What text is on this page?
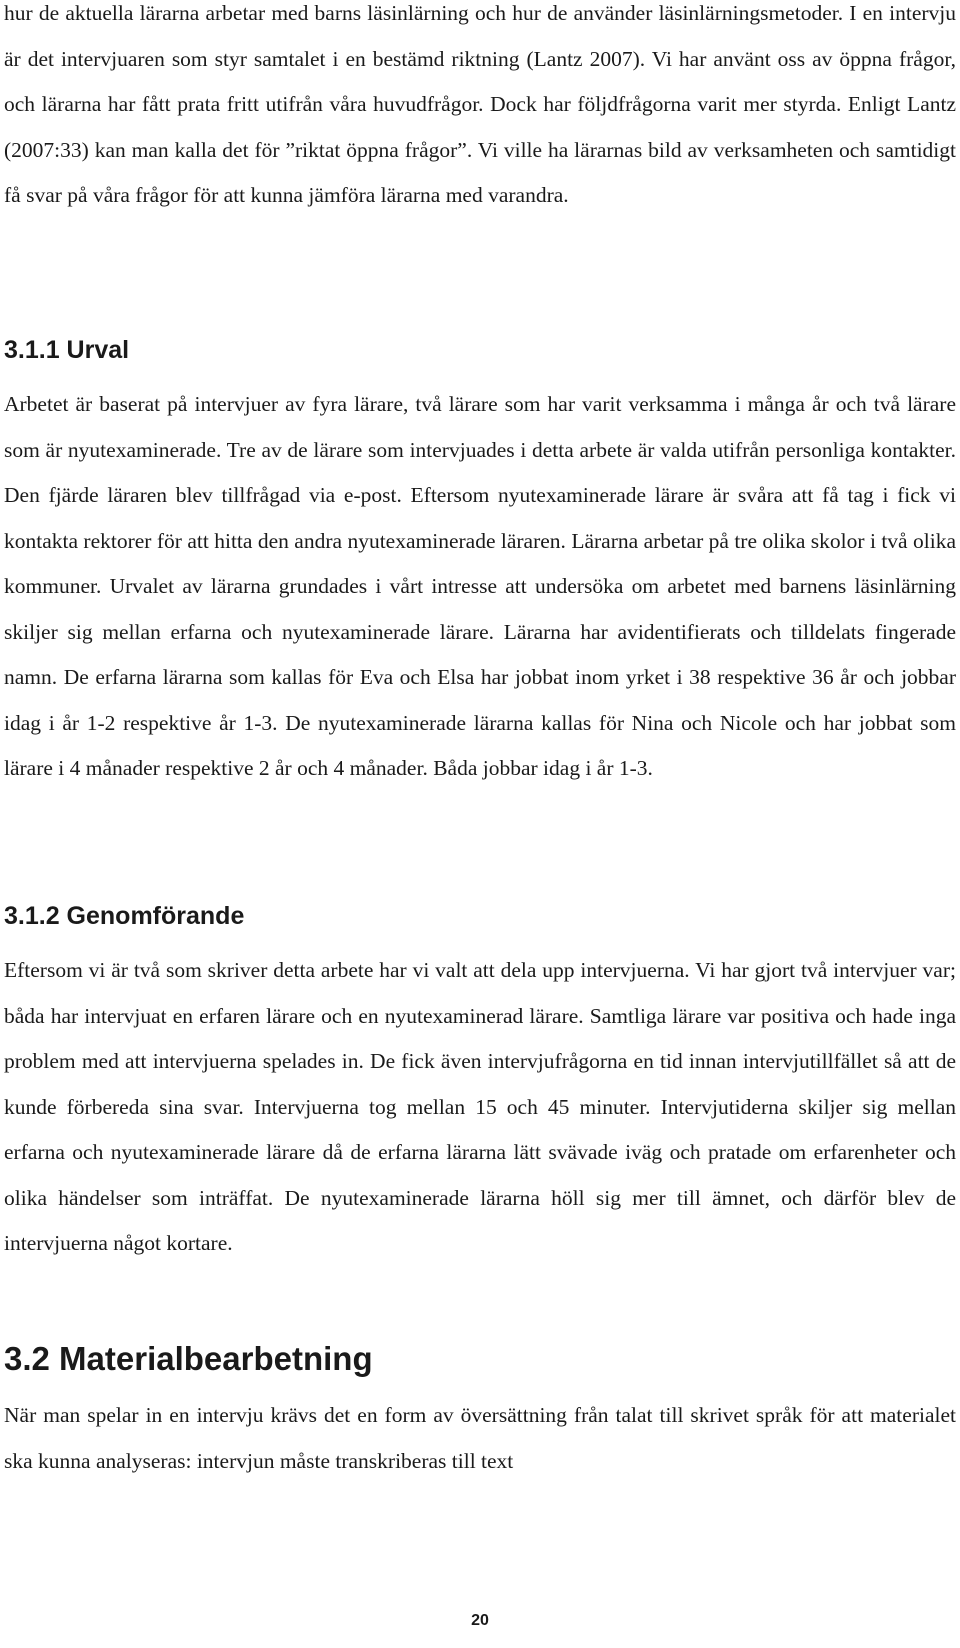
hur de aktuella lärarna arbetar med barns läsinlärning och hur de använder läsinlärningsmetoder. I en intervju är det intervjuaren som styr samtalet i en bestämd riktning (Lantz 2007). Vi har använt oss av öppna frågor, och lärarna har fått prata fritt utifrån våra huvudfrågor. Dock har följdfrågorna varit mer styrda. Enligt Lantz (2007:33) kan man kalla det för ”riktat öppna frågor”. Vi ville ha lärarnas bild av verksamheten och samtidigt få svar på våra frågor för att kunna jämföra lärarna med varandra.

3.1.1 Urval

Arbetet är baserat på intervjuer av fyra lärare, två lärare som har varit verksamma i många år och två lärare som är nyutexaminerade. Tre av de lärare som intervjuades i detta arbete är valda utifrån personliga kontakter. Den fjärde läraren blev tillfrågad via e-post. Eftersom nyutexaminerade lärare är svåra att få tag i fick vi kontakta rektorer för att hitta den andra nyutexaminerade läraren. Lärarna arbetar på tre olika skolor i två olika kommuner. Urvalet av lärarna grundades i vårt intresse att undersöka om arbetet med barnens läsinlärning skiljer sig mellan erfarna och nyutexaminerade lärare. Lärarna har avidentifierats och tilldelats fingerade namn. De erfarna lärarna som kallas för Eva och Elsa har jobbat inom yrket i 38 respektive 36 år och jobbar idag i år 1-2 respektive år 1-3. De nyutexaminerade lärarna kallas för Nina och Nicole och har jobbat som lärare i 4 månader respektive 2 år och 4 månader. Båda jobbar idag i år 1-3.

3.1.2 Genomförande

Eftersom vi är två som skriver detta arbete har vi valt att dela upp intervjuerna. Vi har gjort två intervjuer var; båda har intervjuat en erfaren lärare och en nyutexaminerad lärare. Samtliga lärare var positiva och hade inga problem med att intervjuerna spelades in. De fick även intervjufrågorna en tid innan intervjutillfället så att de kunde förbereda sina svar. Intervjuerna tog mellan 15 och 45 minuter. Intervjutiderna skiljer sig mellan erfarna och nyutexaminerade lärare då de erfarna lärarna lätt svävade iväg och pratade om erfarenheter och olika händelser som inträffat. De nyutexaminerade lärarna höll sig mer till ämnet, och därför blev de intervjuerna något kortare.

3.2 Materialbearbetning

När man spelar in en intervju krävs det en form av översättning från talat till skrivet språk för att materialet ska kunna analyseras: intervjun måste transkriberas till text

20
